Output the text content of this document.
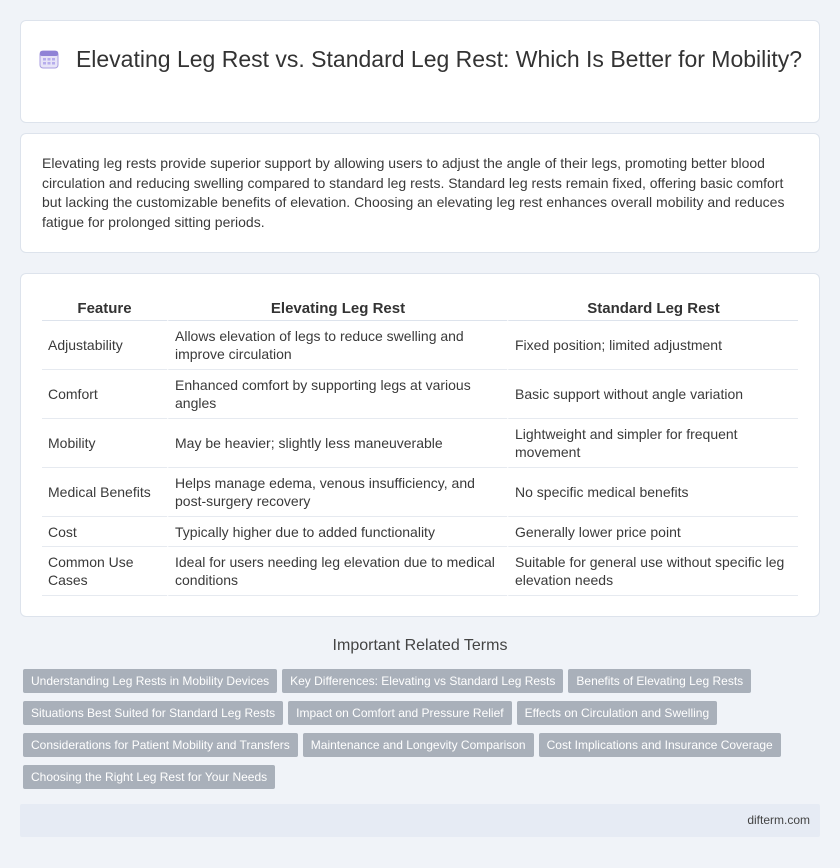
Elevating Leg Rest vs. Standard Leg Rest: Which Is Better for Mobility?

Elevating leg rests provide superior support by allowing users to adjust the angle of their legs, promoting better blood circulation and reducing swelling compared to standard leg rests. Standard leg rests remain fixed, offering basic comfort but lacking the customizable benefits of elevation. Choosing an elevating leg rest enhances overall mobility and reduces fatigue for prolonged sitting periods.

Feature	Elevating Leg Rest	Standard Leg Rest
Adjustability	Allows elevation of legs to reduce swelling and improve circulation	Fixed position; limited adjustment
Comfort	Enhanced comfort by supporting legs at various angles	Basic support without angle variation
Mobility	May be heavier; slightly less maneuverable	Lightweight and simpler for frequent movement
Medical Benefits	Helps manage edema, venous insufficiency, and post-surgery recovery	No specific medical benefits
Cost	Typically higher due to added functionality	Generally lower price point
Common Use Cases	Ideal for users needing leg elevation due to medical conditions	Suitable for general use without specific leg elevation needs
Important Related Terms
Understanding Leg Rests in Mobility Devices Key Differences: Elevating vs Standard Leg Rests Benefits of Elevating Leg Rests
Situations Best Suited for Standard Leg Rests Impact on Comfort and Pressure Relief Effects on Circulation and Swelling
Considerations for Patient Mobility and Transfers Maintenance and Longevity Comparison Cost Implications and Insurance Coverage
Choosing the Right Leg Rest for Your Needs
difterm.com
